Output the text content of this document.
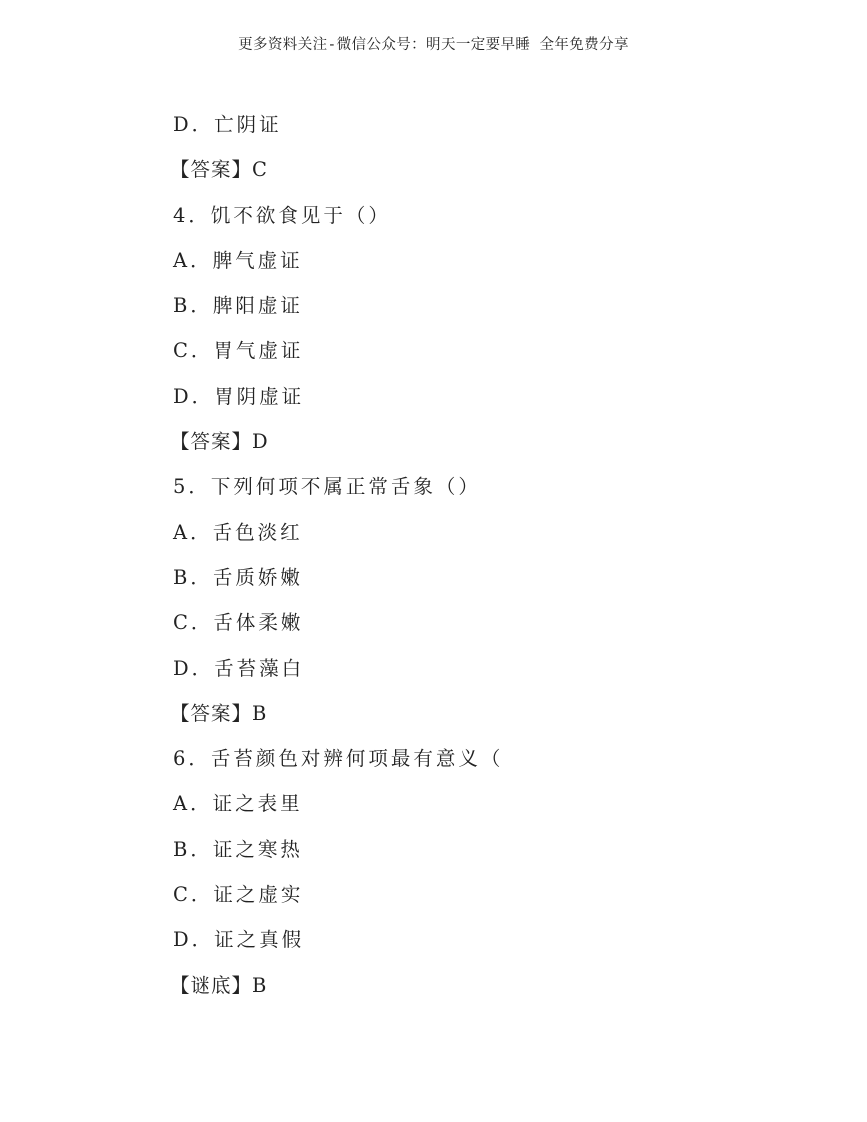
更多资料关注-微信公众号：明天一定要早睡 全年免费分享
D．亡阴证
【答案】C
4．饥不欲食见于（）
A．脾气虚证
B．脾阳虚证
C．胃气虚证
D．胃阴虚证
【答案】D
5．下列何项不属正常舌象（）
A．舌色淡红
B．舌质娇嫩
C．舌体柔嫩
D．舌苔藻白
【答案】B
6．舌苔颜色对辨何项最有意义（
A．证之表里
B．证之寒热
C．证之虚实
D．证之真假
【谜底】B
